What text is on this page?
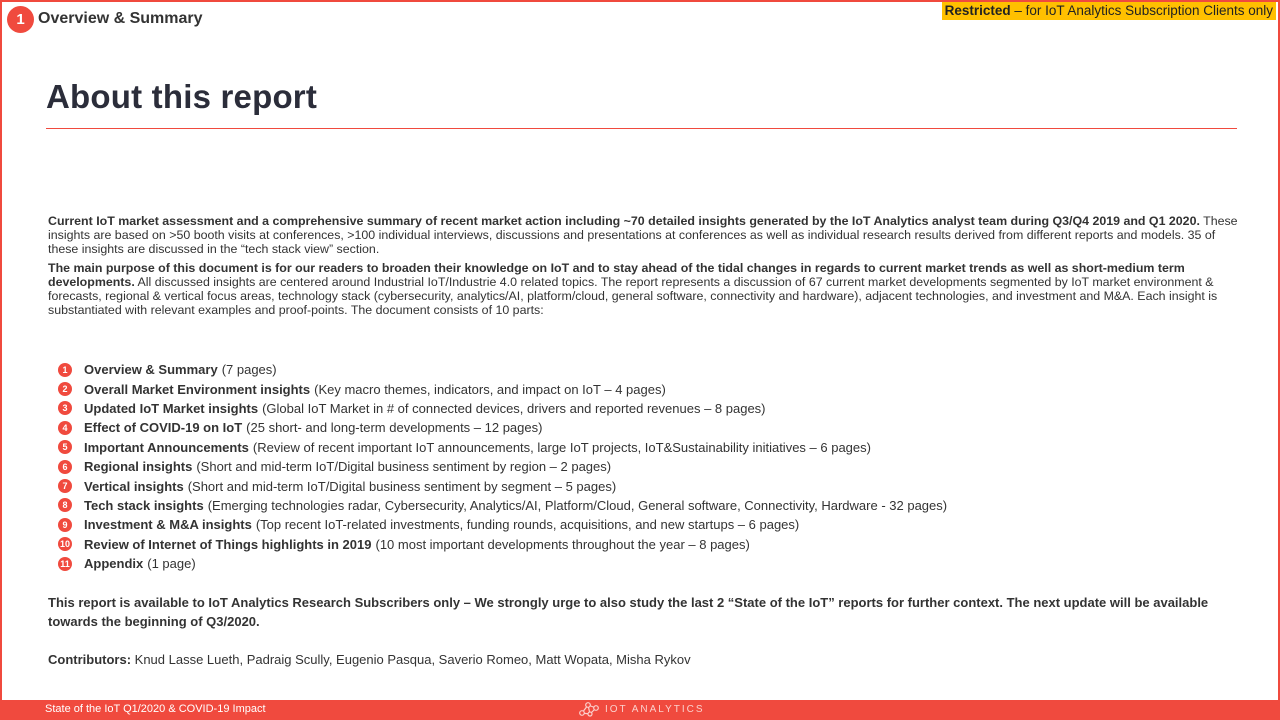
1 Overview & Summary	Restricted – for IoT Analytics Subscription Clients only
About this report

Current IoT market assessment and a comprehensive summary of recent market action including ~70 detailed insights generated by the IoT Analytics analyst team during Q3/Q4 2019 and Q1 2020. These insights are based on >50 booth visits at conferences, >100 individual interviews, discussions and presentations at conferences as well as individual research results derived from different reports and models. 35 of these insights are discussed in the “tech stack view” section.

The main purpose of this document is for our readers to broaden their knowledge on IoT and to stay ahead of the tidal changes in regards to current market trends as well as short-medium term developments. All discussed insights are centered around Industrial IoT/Industrie 4.0 related topics. The report represents a discussion of 67 current market developments segmented by IoT market environment & forecasts, regional & vertical focus areas, technology stack (cybersecurity, analytics/AI, platform/cloud, general software, connectivity and hardware), adjacent technologies, and investment and M&A. Each insight is substantiated with relevant examples and proof-points. The document consists of 10 parts:

1	Overview & Summary (7 pages)
2	Overall Market Environment insights (Key macro themes, indicators, and impact on IoT – 4 pages)
3	Updated IoT Market insights (Global IoT Market in # of connected devices, drivers and reported revenues – 8 pages)
4	Effect of COVID-19 on IoT (25 short- and long-term developments – 12 pages)
5	Important Announcements (Review of recent important IoT announcements, large IoT projects, IoT&Sustainability initiatives – 6 pages)
6	Regional insights (Short and mid-term IoT/Digital business sentiment by region – 2 pages)
7	Vertical insights (Short and mid-term IoT/Digital business sentiment by segment – 5 pages)
8	Tech stack insights (Emerging technologies radar, Cybersecurity, Analytics/AI, Platform/Cloud, General software, Connectivity, Hardware - 32 pages)
9	Investment & M&A insights (Top recent IoT-related investments, funding rounds, acquisitions, and new startups – 6 pages)
10 Review of Internet of Things highlights in 2019 (10 most important developments throughout the year – 8 pages)
11 Appendix (1 page)
This report is available to IoT Analytics Research Subscribers only – We strongly urge to also study the last 2 “State of the IoT” reports for further context. The next update will be available towards the beginning of Q3/2020.
Contributors: Knud Lasse Lueth, Padraig Scully, Eugenio Pasqua, Saverio Romeo, Matt Wopata, Misha Rykov
State of the IoT Q1/2020 & COVID-19 Impact	IOT ANALYTICS
